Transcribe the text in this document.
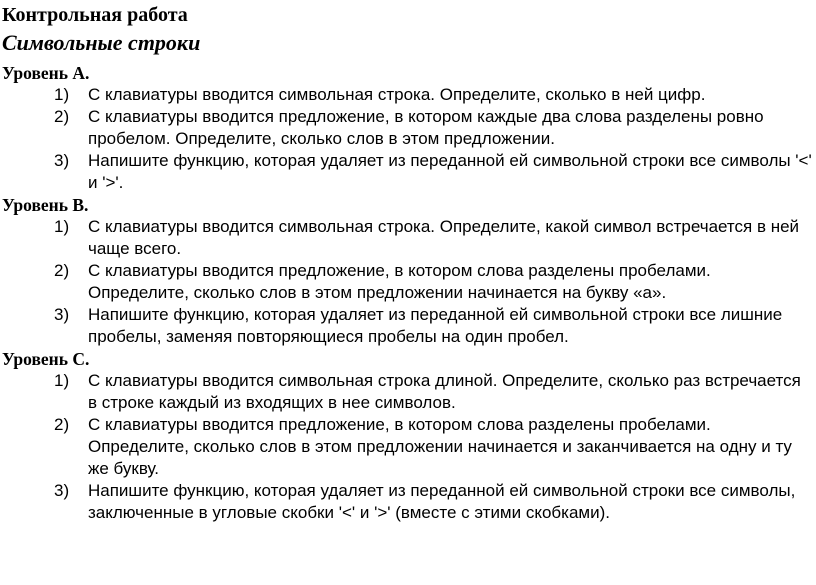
Контрольная работа
Символьные строки
Уровень А.
1) С клавиатуры вводится символьная строка. Определите, сколько в ней цифр.
2) С клавиатуры вводится предложение, в котором каждые два слова разделены ровно пробелом. Определите, сколько слов в этом предложении.
3) Напишите функцию, которая удаляет из переданной ей символьной строки все символы '<' и '>'.
Уровень В.
1) С клавиатуры вводится символьная строка. Определите, какой символ встречается в ней чаще всего.
2) С клавиатуры вводится предложение, в котором слова разделены пробелами. Определите, сколько слов в этом предложении начинается на букву «а».
3) Напишите функцию, которая удаляет из переданной ей символьной строки все лишние пробелы, заменяя повторяющиеся пробелы на один пробел.
Уровень С.
1) С клавиатуры вводится символьная строка длиной. Определите, сколько раз встречается в строке каждый из входящих в нее символов.
2) С клавиатуры вводится предложение, в котором слова разделены пробелами. Определите, сколько слов в этом предложении начинается и заканчивается на одну и ту же букву.
3) Напишите функцию, которая удаляет из переданной ей символьной строки все символы, заключенные в угловые скобки '<' и '>' (вместе с этими скобками).
